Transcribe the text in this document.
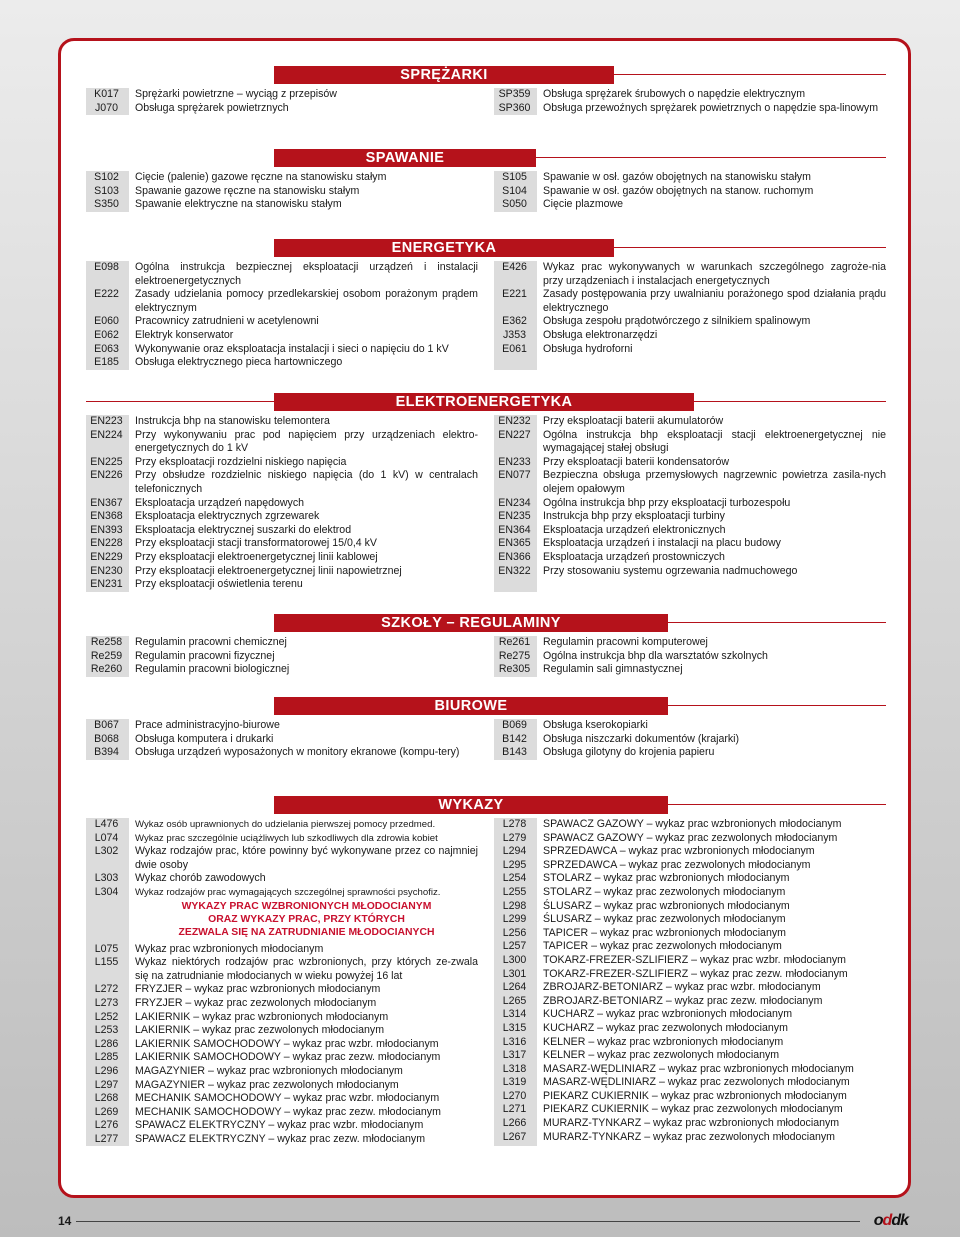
SPRĘŻARKI
K017	Sprężarki powietrzne – wyciąg z przepisów
J070	Obsługa sprężarek powietrznych
SP359	Obsługa sprężarek śrubowych o napędzie elektrycznym
SP360	Obsługa przewoźnych sprężarek powietrznych o napędzie spa-linowym
SPAWANIE
S102	Cięcie (palenie) gazowe ręczne na stanowisku stałym
S103	Spawanie gazowe ręczne na stanowisku stałym
S350	Spawanie elektryczne na stanowisku stałym
S105	Spawanie w osł. gazów obojętnych na stanowisku stałym
S104	Spawanie w osł. gazów obojętnych na stanow. ruchomym
S050	Cięcie plazmowe
ENERGETYKA
E098	Ogólna instrukcja bezpiecznej eksploatacji urządzeń i instalacji elektroenergetycznych
E222	Zasady udzielania pomocy przedlekarskiej osobom porażonym prądem elektrycznym
E060	Pracownicy zatrudnieni w acetylenowni
E062	Elektryk konserwator
E063	Wykonywanie oraz eksploatacja instalacji i sieci o napięciu do 1 kV
E185	Obsługa elektrycznego pieca hartowniczego
E426	Wykaz prac wykonywanych w warunkach szczególnego zagroże-nia przy urządzeniach i instalacjach energetycznych
E221	Zasady postępowania przy uwalnianiu porażonego spod działania prądu elektrycznego
E362	Obsługa zespołu prądotwórczego z silnikiem spalinowym
J353	Obsługa elektronarzędzi
E061	Obsługa hydroforni
ELEKTROENERGETYKA
EN223	Instrukcja bhp na stanowisku telemontera
EN224	Przy wykonywaniu prac pod napięciem przy urządzeniach elektro-energetycznych do 1 kV
EN225	Przy eksploatacji rozdzielni niskiego napięcia
EN226	Przy obsłudze rozdzielnic niskiego napięcia (do 1 kV) w centralach telefonicznych
EN367	Eksploatacja urządzeń napędowych
EN368	Eksploatacja elektrycznych zgrzewarek
EN393	Eksploatacja elektrycznej suszarki do elektrod
EN228	Przy eksploatacji stacji transformatorowej 15/0,4 kV
EN229	Przy eksploatacji elektroenergetycznej linii kablowej
EN230	Przy eksploatacji elektroenergetycznej linii napowietrznej
EN231	Przy eksploatacji oświetlenia terenu
EN232	Przy eksploatacji baterii akumulatorów
EN227	Ogólna instrukcja bhp eksploatacji stacji elektroenergetycznej nie wymagającej stałej obsługi
EN233	Przy eksploatacji baterii kondensatorów
EN077	Bezpieczna obsługa przemysłowych nagrzewnic powietrza zasila-nych olejem opałowym
EN234	Ogólna instrukcja bhp przy eksploatacji turbozespołu
EN235	Instrukcja bhp przy eksploatacji turbiny
EN364	Eksploatacja urządzeń elektronicznych
EN365	Eksploatacja urządzeń i instalacji na placu budowy
EN366	Eksploatacja urządzeń prostowniczych
EN322	Przy stosowaniu systemu ogrzewania nadmuchowego
SZKOŁY – REGULAMINY
Re258	Regulamin pracowni chemicznej
Re259	Regulamin pracowni fizycznej
Re260	Regulamin pracowni biologicznej
Re261	Regulamin pracowni komputerowej
Re275	Ogólna instrukcja bhp dla warsztatów szkolnych
Re305	Regulamin sali gimnastycznej
BIUROWE
B067	Prace administracyjno-biurowe
B068	Obsługa komputera i drukarki
B394	Obsługa urządzeń wyposażonych w monitory ekranowe (kompu-tery)
B069	Obsługa kserokopiarki
B142	Obsługa niszczarki dokumentów (krajarki)
B143	Obsługa gilotyny do krojenia papieru
WYKAZY
L476	Wykaz osób uprawnionych do udzielania pierwszej pomocy przedmed.
L074	Wykaz prac szczególnie uciążliwych lub szkodliwych dla zdrowia kobiet
L302	Wykaz rodzajów prac, które powinny być wykonywane przez co najmniej dwie osoby
L303	Wykaz chorób zawodowych
L304	Wykaz rodzajów prac wymagających szczególnej sprawności psychofiz.
WYKAZY PRAC WZBRONIONYCH MŁODOCIANYM
ORAZ WYKAZY PRAC, PRZY KTÓRYCH
ZEZWALA SIĘ NA ZATRUDNIANIE MŁODOCIANYCH
L075	Wykaz prac wzbronionych młodocianym
L155	Wykaz niektórych rodzajów prac wzbronionych, przy których ze-zwala się na zatrudnianie młodocianych w wieku powyżej 16 lat
L272	FRYZJER – wykaz prac wzbronionych młodocianym
L273	FRYZJER – wykaz prac zezwolonych młodocianym
L252	LAKIERNIK – wykaz prac wzbronionych młodocianym
L253	LAKIERNIK – wykaz prac zezwolonych młodocianym
L286	LAKIERNIK SAMOCHODOWY – wykaz prac wzbr. młodocianym
L285	LAKIERNIK SAMOCHODOWY – wykaz prac zezw. młodocianym
L296	MAGAZYNIER – wykaz prac wzbronionych młodocianym
L297	MAGAZYNIER – wykaz prac zezwolonych młodocianym
L268	MECHANIK SAMOCHODOWY – wykaz prac wzbr. młodocianym
L269	MECHANIK SAMOCHODOWY – wykaz prac zezw. młodocianym
L276	SPAWACZ ELEKTRYCZNY – wykaz prac wzbr. młodocianym
L277	SPAWACZ ELEKTRYCZNY – wykaz prac zezw. młodocianym
L278	SPAWACZ GAZOWY – wykaz prac wzbronionych młodocianym
L279	SPAWACZ GAZOWY – wykaz prac zezwolonych młodocianym
L294	SPRZEDAWCA – wykaz prac wzbronionych młodocianym
L295	SPRZEDAWCA – wykaz prac zezwolonych młodocianym
L254	STOLARZ – wykaz prac wzbronionych młodocianym
L255	STOLARZ – wykaz prac zezwolonych młodocianym
L298	ŚLUSARZ – wykaz prac wzbronionych młodocianym
L299	ŚLUSARZ – wykaz prac zezwolonych młodocianym
L256	TAPICER – wykaz prac wzbronionych młodocianym
L257	TAPICER – wykaz prac zezwolonych młodocianym
L300	TOKARZ-FREZER-SZLIFIERZ – wykaz prac wzbr. młodocianym
L301	TOKARZ-FREZER-SZLIFIERZ – wykaz prac zezw. młodocianym
L264	ZBROJARZ-BETONIARZ – wykaz prac wzbr. młodocianym
L265	ZBROJARZ-BETONIARZ – wykaz prac zezw. młodocianym
L314	KUCHARZ – wykaz prac wzbronionych młodocianym
L315	KUCHARZ – wykaz prac zezwolonych młodocianym
L316	KELNER – wykaz prac wzbronionych młodocianym
L317	KELNER – wykaz prac zezwolonych młodocianym
L318	MASARZ-WĘDLINIARZ – wykaz prac wzbronionych młodocianym
L319	MASARZ-WĘDLINIARZ – wykaz prac zezwolonych młodocianym
L270	PIEKARZ CUKIERNIK – wykaz prac wzbronionych młodocianym
L271	PIEKARZ CUKIERNIK – wykaz prac zezwolonych młodocianym
L266	MURARZ-TYNKARZ – wykaz prac wzbronionych młodocianym
L267	MURARZ-TYNKARZ – wykaz prac zezwolonych młodocianym
14	oddk
